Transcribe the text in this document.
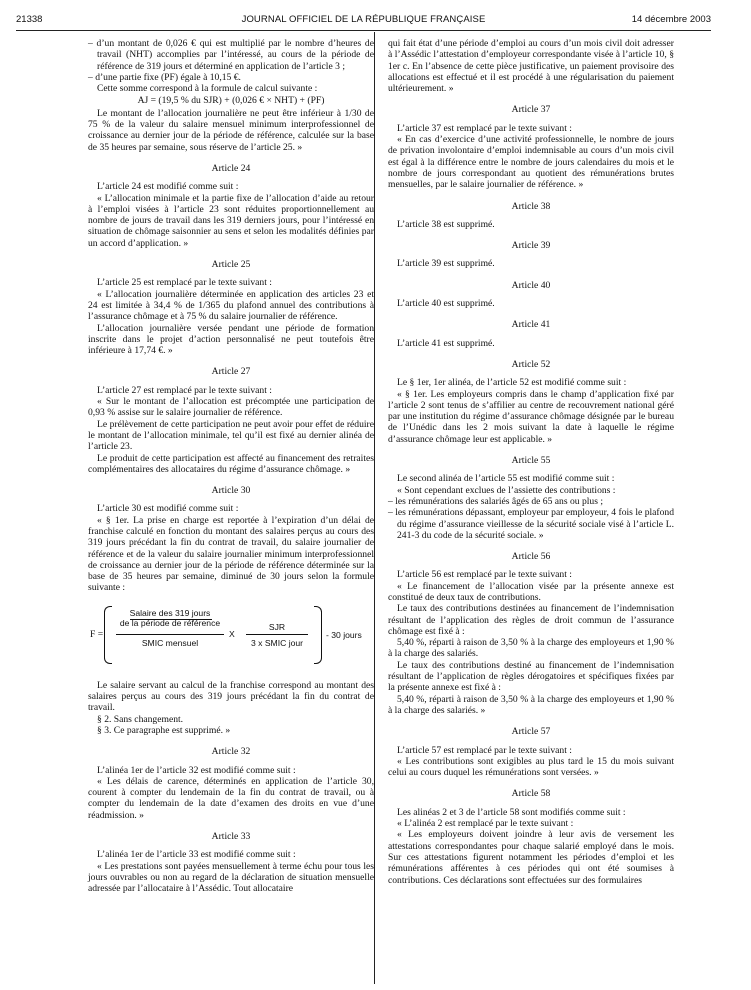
21338	JOURNAL OFFICIEL DE LA RÉPUBLIQUE FRANÇAISE	14 décembre 2003

– d’un montant de 0,026 € qui est multiplié par le nombre d’heures de travail (NHT) accomplies par l’intéressé, au cours de la période de référence de 319 jours et déterminé en application de l’article 3 ;

– d’une partie fixe (PF) égale à 10,15 €.

Cette somme correspond à la formule de calcul suivante :

AJ = (19,5 % du SJR) + (0,026 € × NHT) + (PF)

Le montant de l’allocation journalière ne peut être inférieur à 1/30 de 75 % de la valeur du salaire mensuel minimum interprofessionnel de croissance au dernier jour de la période de référence, calculée sur la base de 35 heures par semaine, sous réserve de l’article 25. »

Article 24

L’article 24 est modifié comme suit :

« L’allocation minimale et la partie fixe de l’allocation d’aide au retour à l’emploi visées à l’article 23 sont réduites proportionnellement au nombre de jours de travail dans les 319 derniers jours, pour l’intéressé en situation de chômage saisonnier au sens et selon les modalités définies par un accord d’application. »

Article 25

L’article 25 est remplacé par le texte suivant :

« L’allocation journalière déterminée en application des articles 23 et 24 est limitée à 34,4 % de 1/365 du plafond annuel des contributions à l’assurance chômage et à 75 % du salaire journalier de référence.

L’allocation journalière versée pendant une période de formation inscrite dans le projet d’action personnalisé ne peut toutefois être inférieure à 17,74 €. »

Article 27

L’article 27 est remplacé par le texte suivant :

« Sur le montant de l’allocation est précomptée une participation de 0,93 % assise sur le salaire journalier de référence.

Le prélèvement de cette participation ne peut avoir pour effet de réduire le montant de l’allocation minimale, tel qu’il est fixé au dernier alinéa de l’article 23.

Le produit de cette participation est affecté au financement des retraites complémentaires des allocataires du régime d’assurance chômage. »

Article 30

L’article 30 est modifié comme suit :

« § 1er. La prise en charge est reportée à l’expiration d’un délai de franchise calculé en fonction du montant des salaires perçus au cours des 319 jours précédant la fin du contrat de travail, du salaire journalier de référence et de la valeur du salaire journalier minimum interprofessionnel de croissance au dernier jour de la période de référence déterminée sur la base de 35 heures par semaine, diminué de 30 jours selon la formule suivante :

F =
Salaire des 319 jours
de la période de référence
SMIC mensuel
X
SJR
3 x SMIC jour
- 30 jours

Le salaire servant au calcul de la franchise correspond au montant des salaires perçus au cours des 319 jours précédant la fin du contrat de travail.

§ 2. Sans changement.

§ 3. Ce paragraphe est supprimé. »

Article 32

L’alinéa 1er de l’article 32 est modifié comme suit :

« Les délais de carence, déterminés en application de l’article 30, courent à compter du lendemain de la fin du contrat de travail, ou à compter du lendemain de la date d’examen des droits en vue d’une réadmission. »

Article 33

L’alinéa 1er de l’article 33 est modifié comme suit :

« Les prestations sont payées mensuellement à terme échu pour tous les jours ouvrables ou non au regard de la déclaration de situation mensuelle adressée par l’allocataire à l’Assédic. Tout allocataire

qui fait état d’une période d’emploi au cours d’un mois civil doit adresser à l’Assédic l’attestation d’employeur correspondante visée à l’article 10, § 1er c. En l’absence de cette pièce justificative, un paiement provisoire des allocations est effectué et il est procédé à une régularisation du paiement ultérieurement. »

Article 37

L’article 37 est remplacé par le texte suivant :

« En cas d’exercice d’une activité professionnelle, le nombre de jours de privation involontaire d’emploi indemnisable au cours d’un mois civil est égal à la différence entre le nombre de jours calendaires du mois et le nombre de jours correspondant au quotient des rémunérations brutes mensuelles, par le salaire journalier de référence. »

Article 38

L’article 38 est supprimé.

Article 39

L’article 39 est supprimé.

Article 40

L’article 40 est supprimé.

Article 41

L’article 41 est supprimé.

Article 52

Le § 1er, 1er alinéa, de l’article 52 est modifié comme suit :

« § 1er. Les employeurs compris dans le champ d’application fixé par l’article 2 sont tenus de s’affilier au centre de recouvrement national géré par une institution du régime d’assurance chômage désignée par le bureau de l’Unédic dans les 2 mois suivant la date à laquelle le régime d’assurance chômage leur est applicable. »

Article 55

Le second alinéa de l’article 55 est modifié comme suit :

« Sont cependant exclues de l’assiette des contributions :

– les rémunérations des salariés âgés de 65 ans ou plus ;

– les rémunérations dépassant, employeur par employeur, 4 fois le plafond du régime d’assurance vieillesse de la sécurité sociale visé à l’article L. 241-3 du code de la sécurité sociale. »

Article 56

L’article 56 est remplacé par le texte suivant :

« Le financement de l’allocation visée par la présente annexe est constitué de deux taux de contributions.

Le taux des contributions destinées au financement de l’indemnisation résultant de l’application des règles de droit commun de l’assurance chômage est fixé à :

5,40 %, réparti à raison de 3,50 % à la charge des employeurs et 1,90 % à la charge des salariés.

Le taux des contributions destiné au financement de l’indemnisation résultant de l’application de règles dérogatoires et spécifiques fixées par la présente annexe est fixé à :

5,40 %, réparti à raison de 3,50 % à la charge des employeurs et 1,90 % à la charge des salariés. »

Article 57

L’article 57 est remplacé par le texte suivant :

« Les contributions sont exigibles au plus tard le 15 du mois suivant celui au cours duquel les rémunérations sont versées. »

Article 58

Les alinéas 2 et 3 de l’article 58 sont modifiés comme suit :

« L’alinéa 2 est remplacé par le texte suivant :

« Les employeurs doivent joindre à leur avis de versement les attestations correspondantes pour chaque salarié employé dans le mois. Sur ces attestations figurent notamment les périodes d’emploi et les rémunérations afférentes à ces périodes qui ont été soumises à contributions. Ces déclarations sont effectuées sur des formulaires
